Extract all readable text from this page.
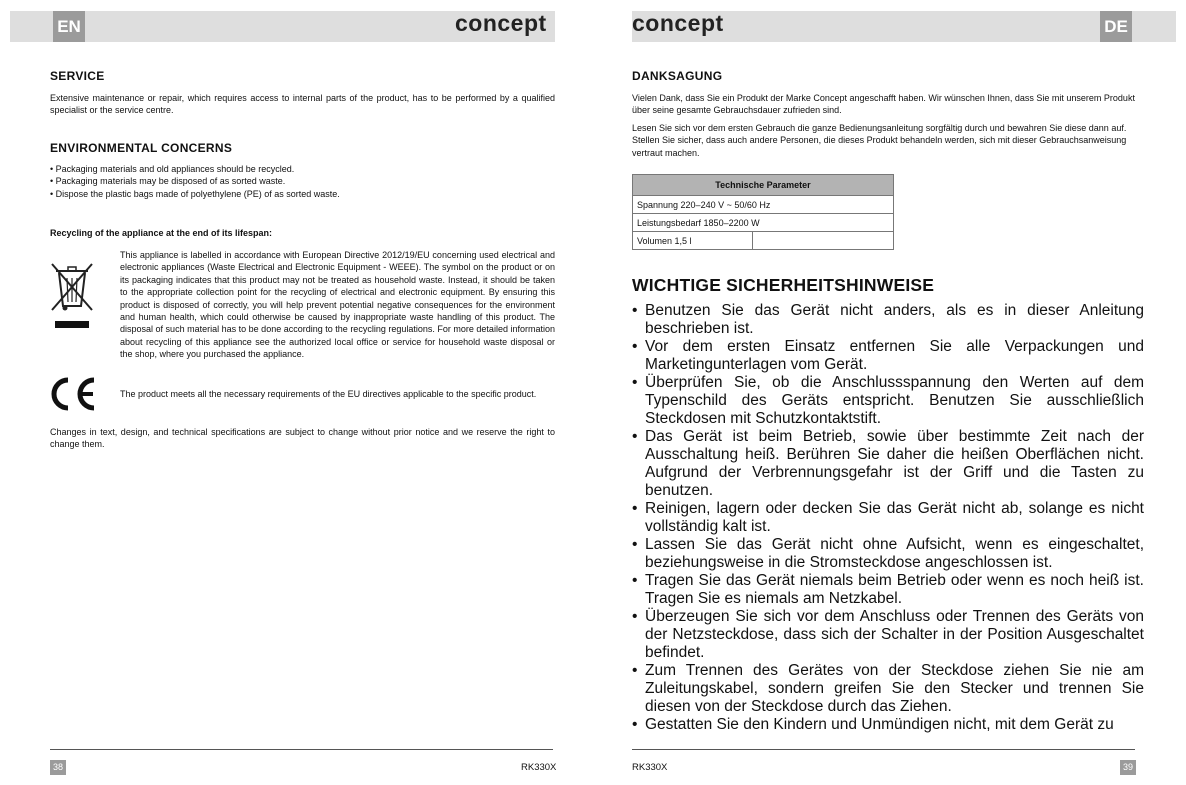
EN	DE
concept	concept
SERVICE

Extensive maintenance or repair, which requires access to internal parts of the product, has to be performed by a qualified specialist or the service centre.

ENVIRONMENTAL CONCERNS
• Packaging materials and old appliances should be recycled.
• Packaging materials may be disposed of as sorted waste.
• Dispose the plastic bags made of polyethylene (PE) of as sorted waste.

Recycling of the appliance at the end of its lifespan:

This appliance is labelled in accordance with European Directive 2012/19/EU concerning used electrical and electronic appliances (Waste Electrical and Electronic Equipment - WEEE). The symbol on the product or on its packaging indicates that this product may not be treated as household waste. Instead, it should be taken to the appropriate collection point for the recycling of electrical and electronic equipment. By ensuring this product is disposed of correctly, you will help prevent potential negative consequences for the environment and human health, which could otherwise be caused by inappropriate waste handling of this product. The disposal of such material has to be done according to the recycling regulations. For more detailed information about recycling of this appliance see the authorized local office or service for household waste disposal or the shop, where you purchased the appliance.

The product meets all the necessary requirements of the EU directives applicable to the specific product.

Changes in text, design, and technical specifications are subject to change without prior notice and we reserve the right to change them.

38	RK330X
DANKSAGUNG

Vielen Dank, dass Sie ein Produkt der Marke Concept angeschafft haben. Wir wünschen Ihnen, dass Sie mit unserem Produkt über seine gesamte Gebrauchsdauer zufrieden sind.

Lesen Sie sich vor dem ersten Gebrauch die ganze Bedienungsanleitung sorgfältig durch und bewahren Sie diese dann auf. Stellen Sie sicher, dass auch andere Personen, die dieses Produkt behandeln werden, sich mit dieser Gebrauchsanweisung vertraut machen.

Technische Parameter
Spannung 220–240 V ~ 50/60 Hz
Leistungsbedarf 1850–2200 W
Volumen 1,5 l	
WICHTIGE SICHERHEITSHINWEISE
• Benutzen Sie das Gerät nicht anders, als es in dieser Anleitung beschrieben ist.
• Vor dem ersten Einsatz entfernen Sie alle Verpackungen und Marketingunterlagen vom Gerät.
• Überprüfen Sie, ob die Anschlussspannung den Werten auf dem Typenschild des Geräts entspricht. Benutzen Sie ausschließlich Steckdosen mit Schutzkontaktstift.
• Das Gerät ist beim Betrieb, sowie über bestimmte Zeit nach der Ausschaltung heiß. Berühren Sie daher die heißen Oberflächen nicht. Aufgrund der Verbrennungsgefahr ist der Griff und die Tasten zu benutzen.
• Reinigen, lagern oder decken Sie das Gerät nicht ab, solange es nicht vollständig kalt ist.
• Lassen Sie das Gerät nicht ohne Aufsicht, wenn es eingeschaltet, beziehungsweise in die Stromsteckdose angeschlossen ist.
• Tragen Sie das Gerät niemals beim Betrieb oder wenn es noch heiß ist. Tragen Sie es niemals am Netzkabel.
• Überzeugen Sie sich vor dem Anschluss oder Trennen des Geräts von der Netzsteckdose, dass sich der Schalter in der Position Ausgeschaltet befindet.
• Zum Trennen des Gerätes von der Steckdose ziehen Sie nie am Zuleitungskabel, sondern greifen Sie den Stecker und trennen Sie diesen von der Steckdose durch das Ziehen.
• Gestatten Sie den Kindern und Unmündigen nicht, mit dem Gerät zu
RK330X	39
